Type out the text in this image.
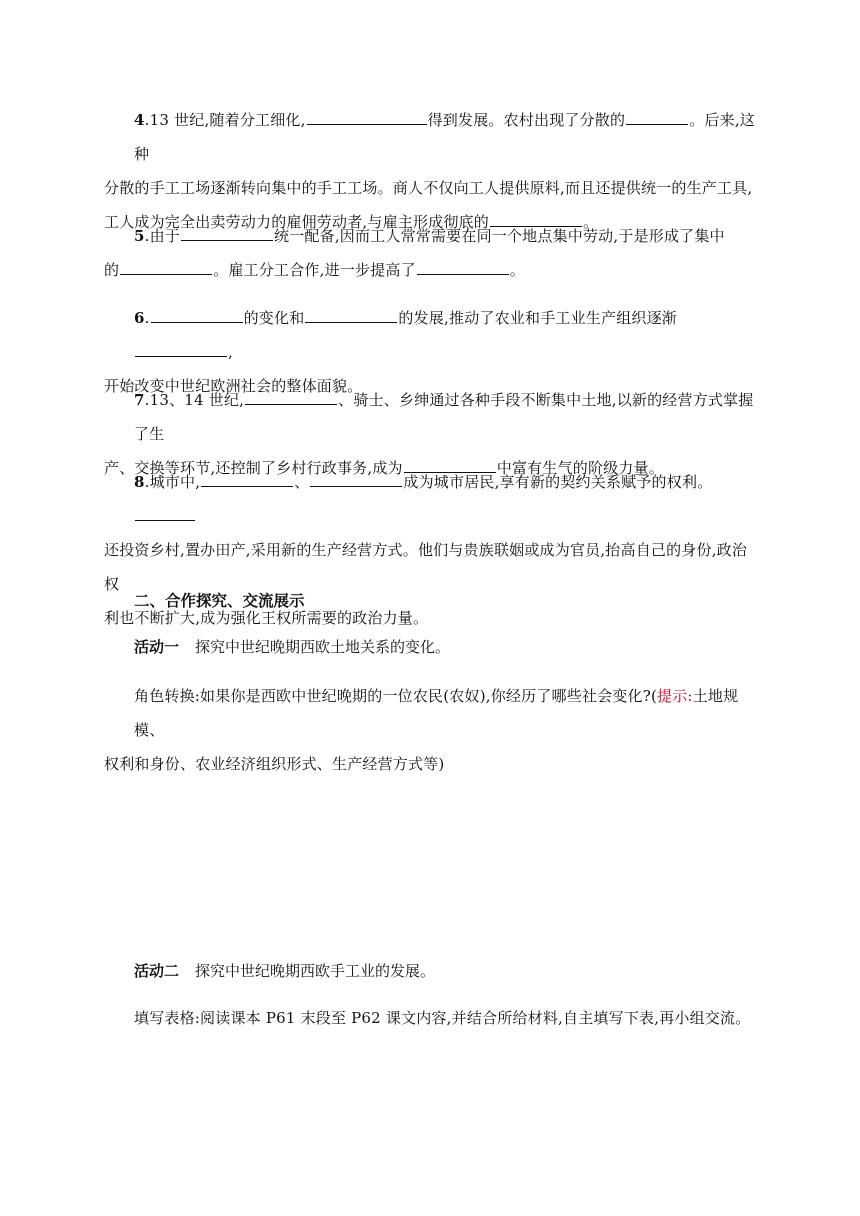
4.13 世纪,随着分工细化,	得到发展。农村出现了分散的	。后来,这种
分散的手工工场逐渐转向集中的手工工场。商人不仅向工人提供原料,而且还提供统一的生产工具,
工人成为完全出卖劳动力的雇佣劳动者,与雇主形成彻底的	。
5.由于	统一配备,因而工人常常需要在同一个地点集中劳动,于是形成了集中
的	。雇工分工合作,进一步提高了	。
6.	的变化和	的发展,推动了农业和手工业生产组织逐渐,
开始改变中世纪欧洲社会的整体面貌。
7.13、14 世纪,	、骑士、乡绅通过各种手段不断集中土地,以新的经营方式掌握了生
产、交换等环节,还控制了乡村行政事务,成为	中富有生气的阶级力量。
8.城市中,	、	成为城市居民,享有新的契约关系赋予的权利。
还投资乡村,置办田产,采用新的生产经营方式。他们与贵族联姻或成为官员,抬高自己的身份,政治权
利也不断扩大,成为强化王权所需要的政治力量。
二、合作探究、交流展示
活动一 探究中世纪晚期西欧土地关系的变化。
角色转换:如果你是西欧中世纪晚期的一位农民(农奴),你经历了哪些社会变化?(提示:土地规模、
权利和身份、农业经济组织形式、生产经营方式等)
活动二 探究中世纪晚期西欧手工业的发展。
填写表格:阅读课本 P61 末段至 P62 课文内容,并结合所给材料,自主填写下表,再小组交流。
